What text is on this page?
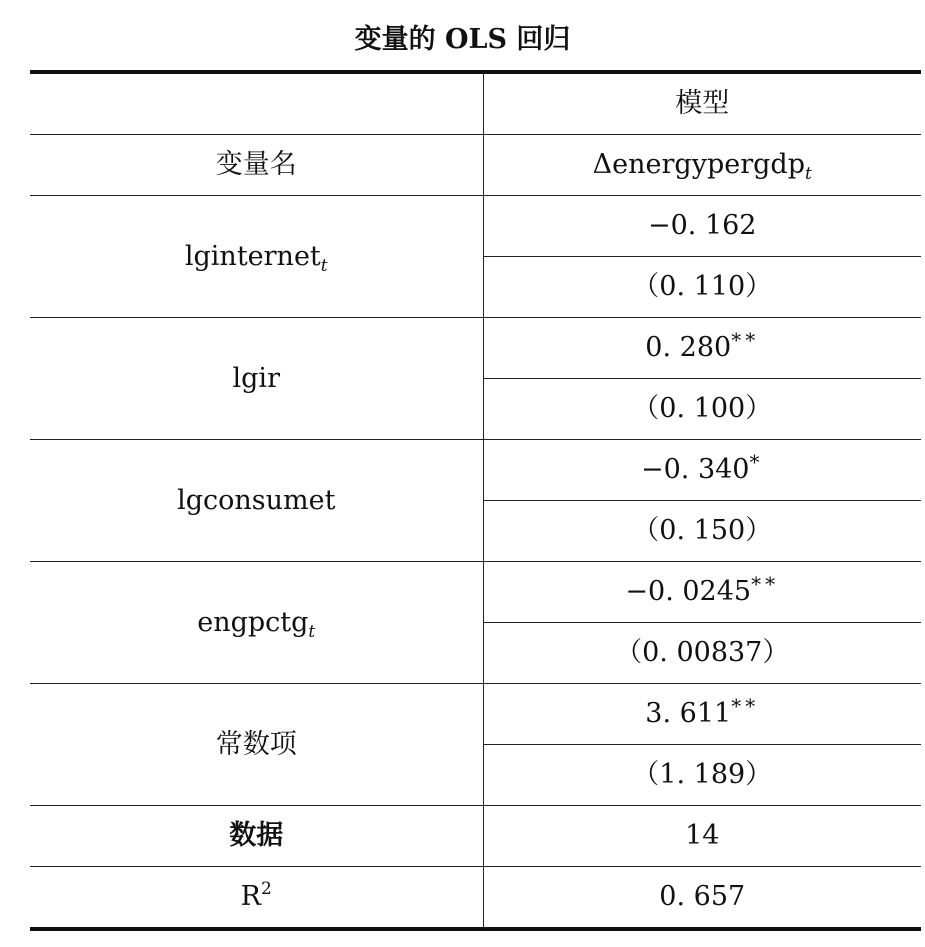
变量的 OLS 回归
	模型
变量名	Δenergypergdp$_t$
lginternet$_t$	−0. 162
	（0. 110）
lgir	0. 280**
	（0. 100）
lgconsumet	−0. 340*
	（0. 150）
engpctg$_t$	−0. 0245**
	（0. 00837）
常数项	3. 611**
	（1. 189）
数据	14
$R^2$	0. 657
